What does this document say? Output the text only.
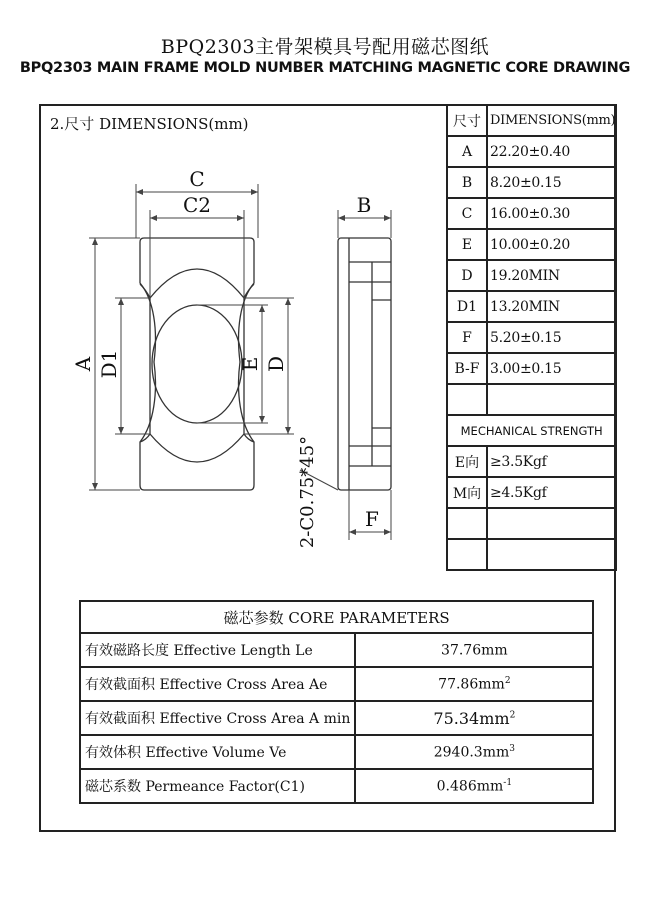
BPQ2303主骨架模具号配用磁芯图纸
BPQ2303 MAIN FRAME MOLD NUMBER MATCHING MAGNETIC CORE DRAWING
2.尺寸 DIMENSIONS(mm)
C
C2	B
F
A D1	E D
2-C0.75*45°
尺寸	DIMENSIONS(mm)
A	22.20±0.40
B	8.20±0.15
C	16.00±0.30
E	10.00±0.20
D	19.20MIN
D1	13.20MIN
F	5.20±0.15
B-F	3.00±0.15

MECHANICAL STRENGTH	
E向	≥3.5Kgf
M向	≥4.5Kgf

磁芯参数 CORE PARAMETERS	
有效磁路长度 Effective Length Le	37.76mm
有效截面积 Effective Cross Area Ae	$77.86mm^2$
有效截面积 Effective Cross Area A min	$75.34mm^2$
有效体积 Effective Volume Ve	$2940.3mm^3$
磁芯系数 Permeance Factor(C1)	$0.486mm^{-1}$
